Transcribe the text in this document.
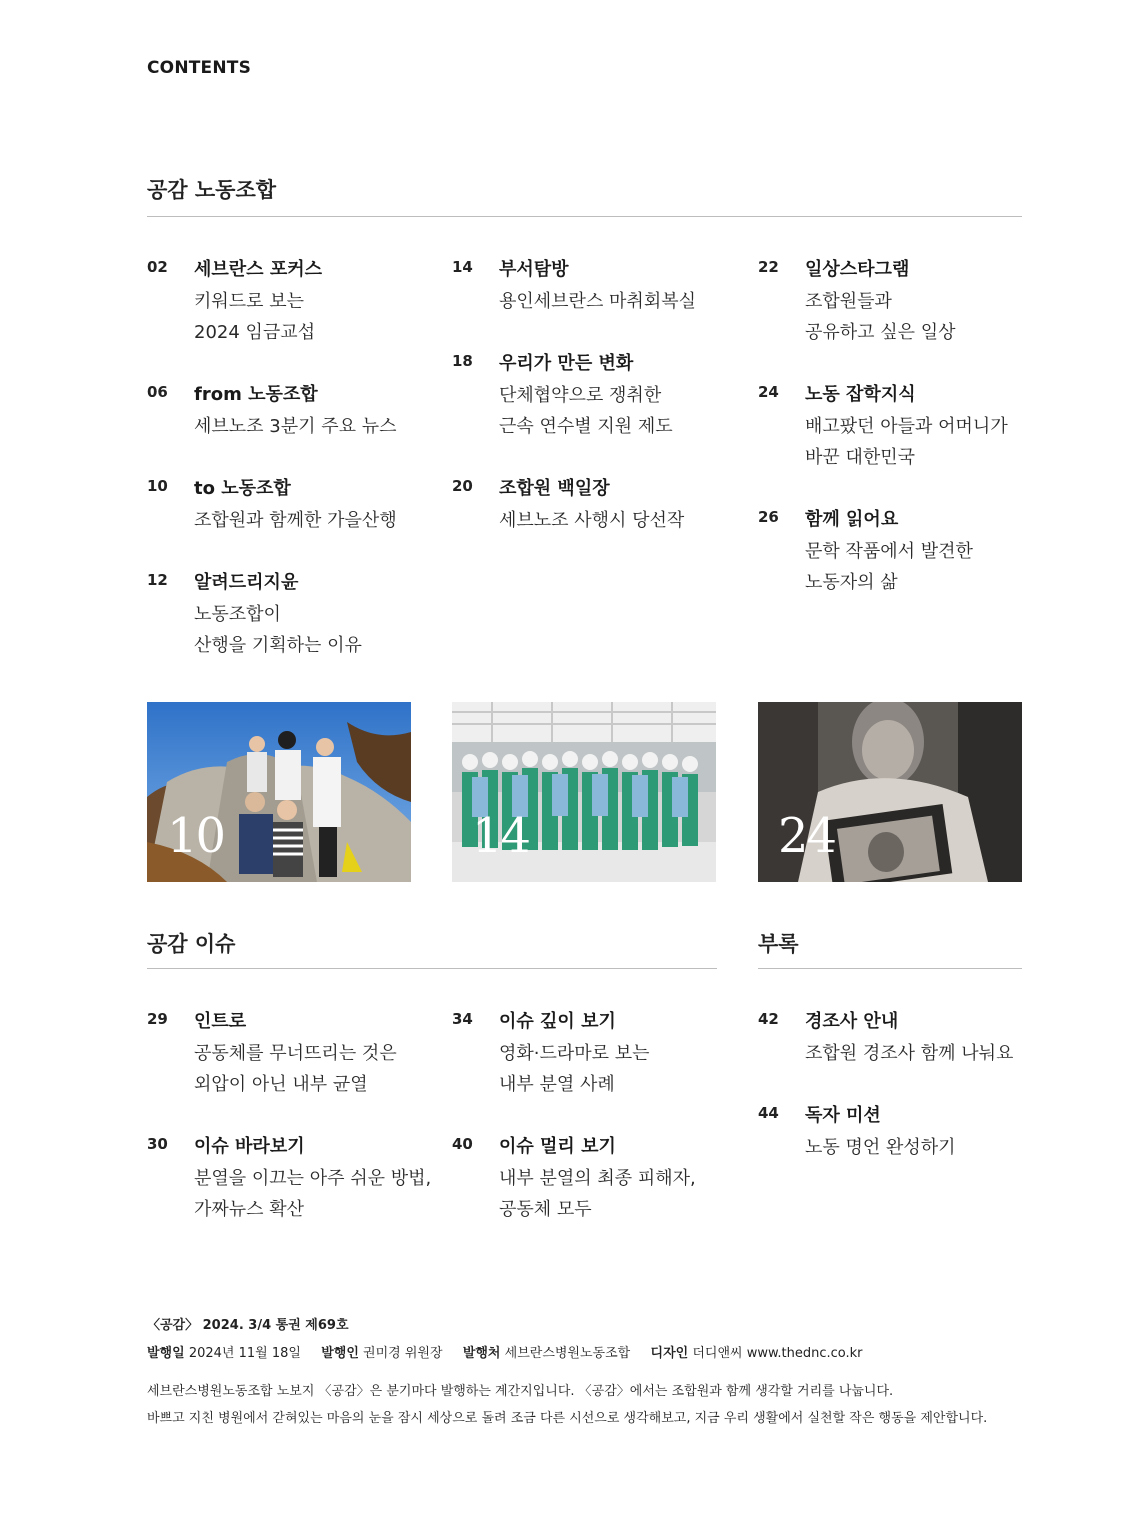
CONTENTS
공감 노동조합
02 세브란스 포커스
키워드로 보는
2024 임금교섭
06 from 노동조합
세브노조 3분기 주요 뉴스
10 to 노동조합
조합원과 함께한 가을산행
12 알려드리지윤
노동조합이
산행을 기획하는 이유
14 부서탐방
용인세브란스 마취회복실
18 우리가 만든 변화
단체협약으로 쟁취한
근속 연수별 지원 제도
20 조합원 백일장
세브노조 사행시 당선작
22 일상스타그램
조합원들과
공유하고 싶은 일상
24 노동 잡학지식
배고팠던 아들과 어머니가
바꾼 대한민국
26 함께 읽어요
문학 작품에서 발견한
노동자의 삶
10	14	24
공감 이슈	부록
29 인트로
공동체를 무너뜨리는 것은
외압이 아닌 내부 균열
30 이슈 바라보기
분열을 이끄는 아주 쉬운 방법,
가짜뉴스 확산
34 이슈 깊이 보기
영화·드라마로 보는
내부 분열 사례
40 이슈 멀리 보기
내부 분열의 최종 피해자,
공동체 모두
42 경조사 안내
조합원 경조사 함께 나눠요
44 독자 미션
노동 명언 완성하기
〈공감〉 2024. 3/4 통권 제69호
발행일 2024년 11월 18일 발행인 권미경 위원장 발행처 세브란스병원노동조합 디자인 더디앤씨 www.thednc.co.kr
세브란스병원노동조합 노보지 〈공감〉은 분기마다 발행하는 계간지입니다. 〈공감〉에서는 조합원과 함께 생각할 거리를 나눕니다.
바쁘고 지친 병원에서 갇혀있는 마음의 눈을 잠시 세상으로 돌려 조금 다른 시선으로 생각해보고, 지금 우리 생활에서 실천할 작은 행동을 제안합니다.
